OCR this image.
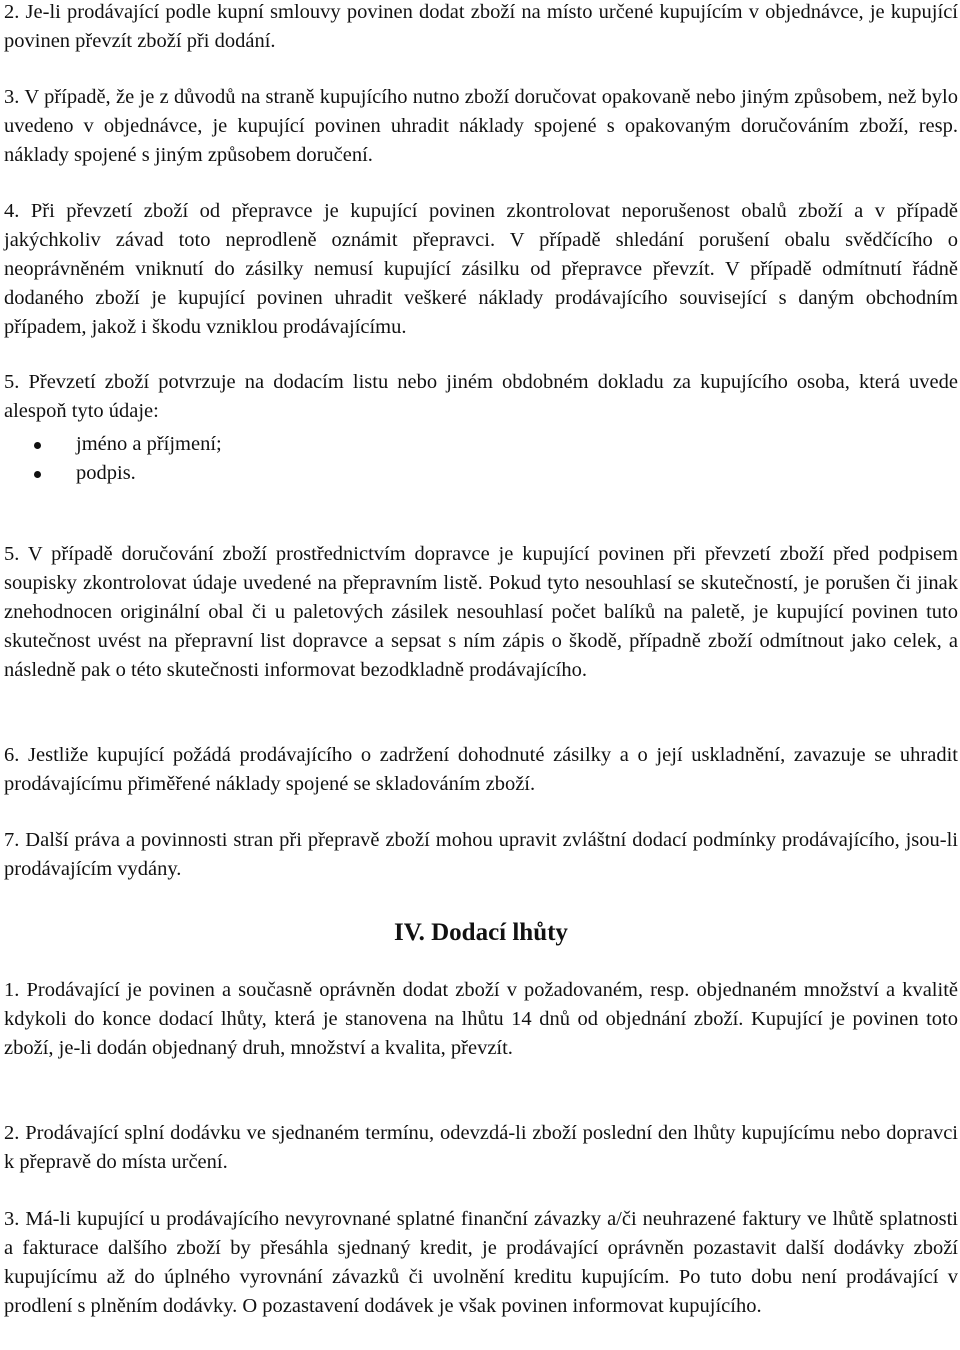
2. Je-li prodávající podle kupní smlouvy povinen dodat zboží na místo určené kupujícím v objednávce, je kupující povinen převzít zboží při dodání.

3. V případě, že je z důvodů na straně kupujícího nutno zboží doručovat opakovaně nebo jiným způsobem, než bylo uvedeno v objednávce, je kupující povinen uhradit náklady spojené s opakovaným doručováním zboží, resp. náklady spojené s jiným způsobem doručení.

4. Při převzetí zboží od přepravce je kupující povinen zkontrolovat neporušenost obalů zboží a v případě jakýchkoliv závad toto neprodleně oznámit přepravci. V případě shledání porušení obalu svědčícího o neoprávněném vniknutí do zásilky nemusí kupující zásilku od přepravce převzít. V případě odmítnutí řádně dodaného zboží je kupující povinen uhradit veškeré náklady prodávajícího související s daným obchodním případem, jakož i škodu vzniklou prodávajícímu.

5. Převzetí zboží potvrzuje na dodacím listu nebo jiném obdobném dokladu za kupujícího osoba, která uvede alespoň tyto údaje:

jméno a příjmení;
podpis.

5. V případě doručování zboží prostřednictvím dopravce je kupující povinen při převzetí zboží před podpisem soupisky zkontrolovat údaje uvedené na přepravním listě. Pokud tyto nesouhlasí se skutečností, je porušen či jinak znehodnocen originální obal či u paletových zásilek nesouhlasí počet balíků na paletě, je kupující povinen tuto skutečnost uvést na přepravní list dopravce a sepsat s ním zápis o škodě, případně zboží odmítnout jako celek, a následně pak o této skutečnosti informovat bezodkladně prodávajícího.

6. Jestliže kupující požádá prodávajícího o zadržení dohodnuté zásilky a o její uskladnění, zavazuje se uhradit prodávajícímu přiměřené náklady spojené se skladováním zboží.

7. Další práva a povinnosti stran při přepravě zboží mohou upravit zvláštní dodací podmínky prodávajícího, jsou-li prodávajícím vydány.

IV. Dodací lhůty

1. Prodávající je povinen a současně oprávněn dodat zboží v požadovaném, resp. objednaném množství a kvalitě kdykoli do konce dodací lhůty, která je stanovena na lhůtu 14 dnů od objednání zboží. Kupující je povinen toto zboží, je-li dodán objednaný druh, množství a kvalita, převzít.

2. Prodávající splní dodávku ve sjednaném termínu, odevzdá-li zboží poslední den lhůty kupujícímu nebo dopravci k přepravě do místa určení.

3. Má-li kupující u prodávajícího nevyrovnané splatné finanční závazky a/či neuhrazené faktury ve lhůtě splatnosti a fakturace dalšího zboží by přesáhla sjednaný kredit, je prodávající oprávněn pozastavit další dodávky zboží kupujícímu až do úplného vyrovnání závazků či uvolnění kreditu kupujícím. Po tuto dobu není prodávající v prodlení s plněním dodávky. O pozastavení dodávek je však povinen informovat kupujícího.
